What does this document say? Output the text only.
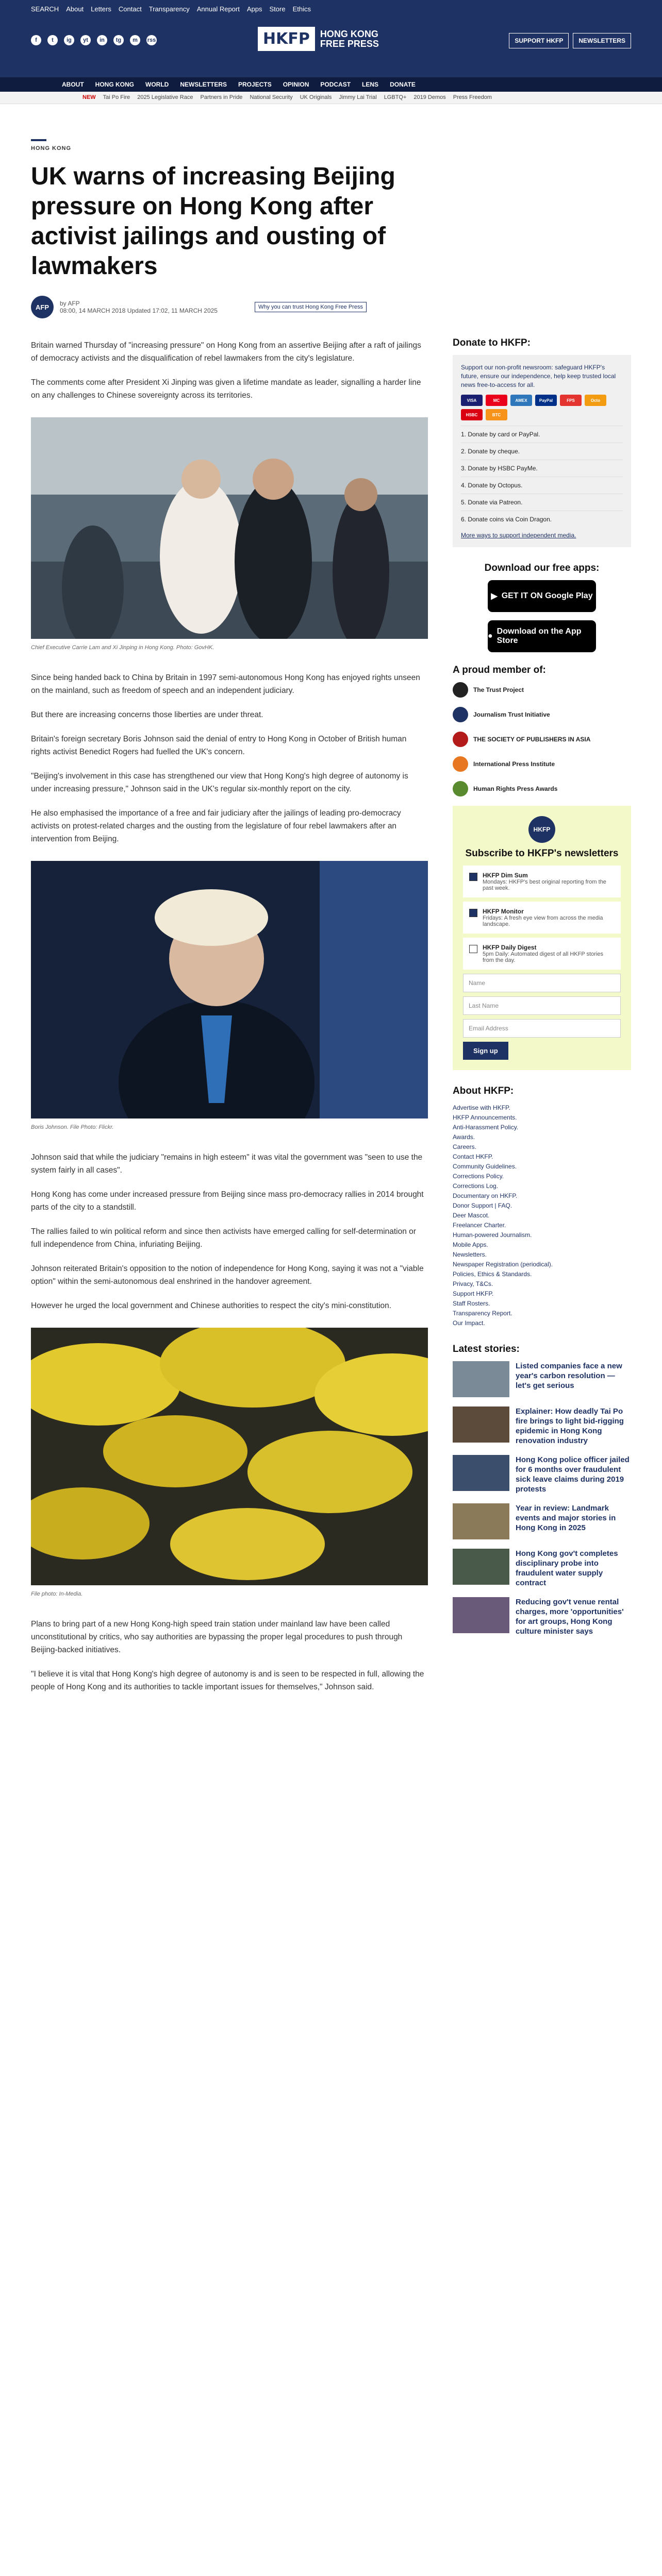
SEARCH About Letters Contact Transparency Annual Report Apps Store Ethics
f	t	ig	yt	in	tg	m	rss	HKFP	HONG KONG
FREE PRESS	SUPPORT HKFP	NEWSLETTERS
ABOUT HONG KONG WORLD NEWSLETTERS PROJECTS OPINION PODCAST LENS DONATE
NEW Tai Po Fire 2025 Legislative Race Partners in Pride National Security UK Originals Jimmy Lai Trial LGBTQ+ 2019 Demos Press Freedom
HONG KONG
UK warns of increasing Beijing pressure on Hong Kong after activist jailings and ousting of lawmakers
AFP	by AFP
08:00, 14 MARCH 2018 Updated 17:02, 11 MARCH 2025	Why you can trust Hong Kong Free Press

Britain warned Thursday of "increasing pressure" on Hong Kong from an assertive Beijing after a raft of jailings of democracy activists and the disqualification of rebel lawmakers from the city's legislature.

The comments come after President Xi Jinping was given a lifetime mandate as leader, signalling a harder line on any challenges to Chinese sovereignty across its territories.

Chief Executive Carrie Lam and Xi Jinping in Hong Kong. Photo: GovHK.

Since being handed back to China by Britain in 1997 semi-autonomous Hong Kong has enjoyed rights unseen on the mainland, such as freedom of speech and an independent judiciary.

But there are increasing concerns those liberties are under threat.

Britain's foreign secretary Boris Johnson said the denial of entry to Hong Kong in October of British human rights activist Benedict Rogers had fuelled the UK's concern.

"Beijing's involvement in this case has strengthened our view that Hong Kong's high degree of autonomy is under increasing pressure," Johnson said in the UK's regular six-monthly report on the city.

He also emphasised the importance of a free and fair judiciary after the jailings of leading pro-democracy activists on protest-related charges and the ousting from the legislature of four rebel lawmakers after an intervention from Beijing.

Boris Johnson. File Photo: Flickr.

Johnson said that while the judiciary "remains in high esteem" it was vital the government was "seen to use the system fairly in all cases".

Hong Kong has come under increased pressure from Beijing since mass pro-democracy rallies in 2014 brought parts of the city to a standstill.

The rallies failed to win political reform and since then activists have emerged calling for self-determination or full independence from China, infuriating Beijing.

Johnson reiterated Britain's opposition to the notion of independence for Hong Kong, saying it was not a "viable option" within the semi-autonomous deal enshrined in the handover agreement.

However he urged the local government and Chinese authorities to respect the city's mini-constitution.

File photo: In-Media.

Plans to bring part of a new Hong Kong-high speed train station under mainland law have been called unconstitutional by critics, who say authorities are bypassing the proper legal procedures to push through Beijing-backed initiatives.

"I believe it is vital that Hong Kong's high degree of autonomy is and is seen to be respected in full, allowing the people of Hong Kong and its authorities to tackle important issues for themselves," Johnson said.

Donate to HKFP:

Support our non-profit newsroom: safeguard HKFP's future, ensure our independence, help keep trusted local news free-to-access for all.

VISA	MC	AMEX	PayPal	FPS	Octo
HSBC	BTC
1. Donate by card or PayPal.
2. Donate by cheque.
3. Donate by HSBC PayMe.
4. Donate by Octopus.
5. Donate via Patreon.
6. Donate coins via Coin Dragon.
More ways to support independent media.
Download our free apps:
▶ GET IT ON Google Play
●
Download on the App Store
A proud member of:
The Trust Project
Journalism Trust Initiative
THE SOCIETY OF PUBLISHERS IN ASIA
International Press Institute
Human Rights Press Awards
HKFP
Subscribe to HKFP's newsletters
HKFP Dim Sum
Mondays: HKFP's best original reporting from the past week.
HKFP Monitor
Fridays: A fresh eye view from across the media landscape.
HKFP Daily Digest
5pm Daily: Automated digest of all HKFP stories from the day.
Name
Last Name
Email Address
Sign up
About HKFP:
Advertise with HKFP.
HKFP Announcements.
Anti-Harassment Policy.
Awards.
Careers.
Contact HKFP.
Community Guidelines.
Corrections Policy.
Corrections Log.
Documentary on HKFP.
Donor Support | FAQ.
Deer Mascot.
Freelancer Charter.
Human-powered Journalism.
Mobile Apps.
Newsletters.
Newspaper Registration (periodical).
Policies, Ethics & Standards.
Privacy, T&Cs.
Support HKFP.
Staff Rosters.
Transparency Report.
Our Impact.
Latest stories:
Listed companies face a new year's carbon resolution — let's get serious
Explainer: How deadly Tai Po fire brings to light bid-rigging epidemic in Hong Kong renovation industry
Hong Kong police officer jailed for 6 months over fraudulent sick leave claims during 2019 protests
Year in review: Landmark events and major stories in Hong Kong in 2025
Hong Kong gov't completes disciplinary probe into fraudulent water supply contract
Reducing gov't venue rental charges, more 'opportunities' for art groups, Hong Kong culture minister says
